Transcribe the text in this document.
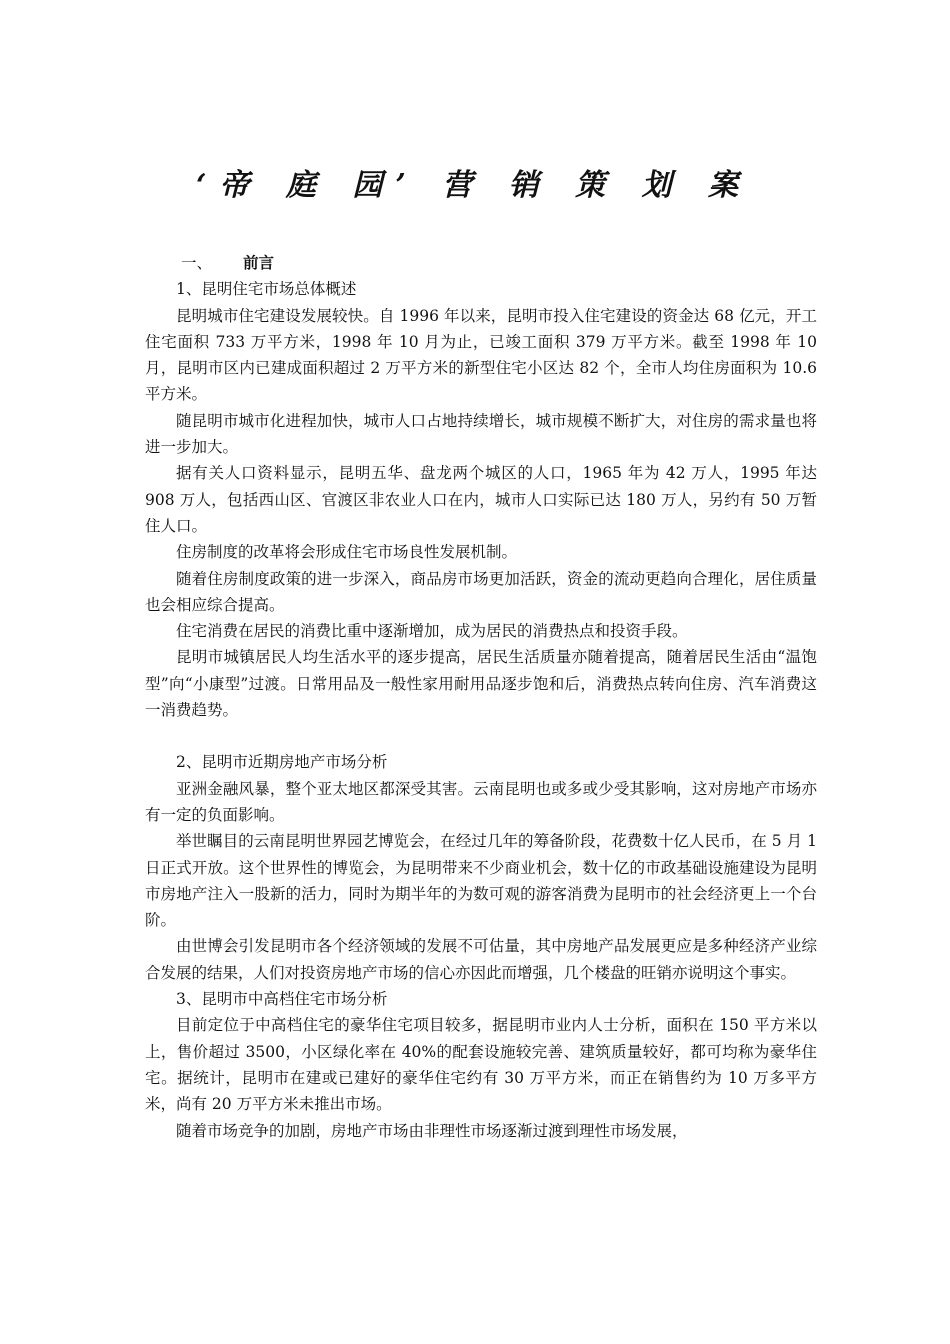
‘帝 庭 园’ 营 销 策 划 案
一、 前言

1、昆明住宅市场总体概述

昆明城市住宅建设发展较快。自 1996 年以来，昆明市投入住宅建设的资金达 68 亿元，开工住宅面积 733 万平方米，1998 年 10 月为止，已竣工面积 379 万平方米。截至 1998 年 10 月，昆明市区内已建成面积超过 2 万平方米的新型住宅小区达 82 个，全市人均住房面积为 10.6 平方米。

随昆明市城市化进程加快，城市人口占地持续增长，城市规模不断扩大，对住房的需求量也将进一步加大。

据有关人口资料显示，昆明五华、盘龙两个城区的人口，1965 年为 42 万人，1995 年达 908 万人，包括西山区、官渡区非农业人口在内，城市人口实际已达 180 万人，另约有 50 万暂住人口。

住房制度的改革将会形成住宅市场良性发展机制。

随着住房制度政策的进一步深入，商品房市场更加活跃，资金的流动更趋向合理化，居住质量也会相应综合提高。

住宅消费在居民的消费比重中逐渐增加，成为居民的消费热点和投资手段。

昆明市城镇居民人均生活水平的逐步提高，居民生活质量亦随着提高，随着居民生活由“温饱型”向“小康型”过渡。日常用品及一般性家用耐用品逐步饱和后，消费热点转向住房、汽车消费这一消费趋势。

2、昆明市近期房地产市场分析

亚洲金融风暴，整个亚太地区都深受其害。云南昆明也或多或少受其影响，这对房地产市场亦有一定的负面影响。

举世瞩目的云南昆明世界园艺博览会，在经过几年的筹备阶段，花费数十亿人民币，在 5 月 1 日正式开放。这个世界性的博览会，为昆明带来不少商业机会，数十亿的市政基础设施建设为昆明市房地产注入一股新的活力，同时为期半年的为数可观的游客消费为昆明市的社会经济更上一个台阶。

由世博会引发昆明市各个经济领域的发展不可估量，其中房地产品发展更应是多种经济产业综合发展的结果，人们对投资房地产市场的信心亦因此而增强，几个楼盘的旺销亦说明这个事实。

3、昆明市中高档住宅市场分析

目前定位于中高档住宅的豪华住宅项目较多，据昆明市业内人士分析，面积在 150 平方米以上，售价超过 3500，小区绿化率在 40%的配套设施较完善、建筑质量较好，都可均称为豪华住宅。据统计，昆明市在建或已建好的豪华住宅约有 30 万平方米，而正在销售约为 10 万多平方米，尚有 20 万平方米未推出市场。

随着市场竞争的加剧，房地产市场由非理性市场逐渐过渡到理性市场发展，
